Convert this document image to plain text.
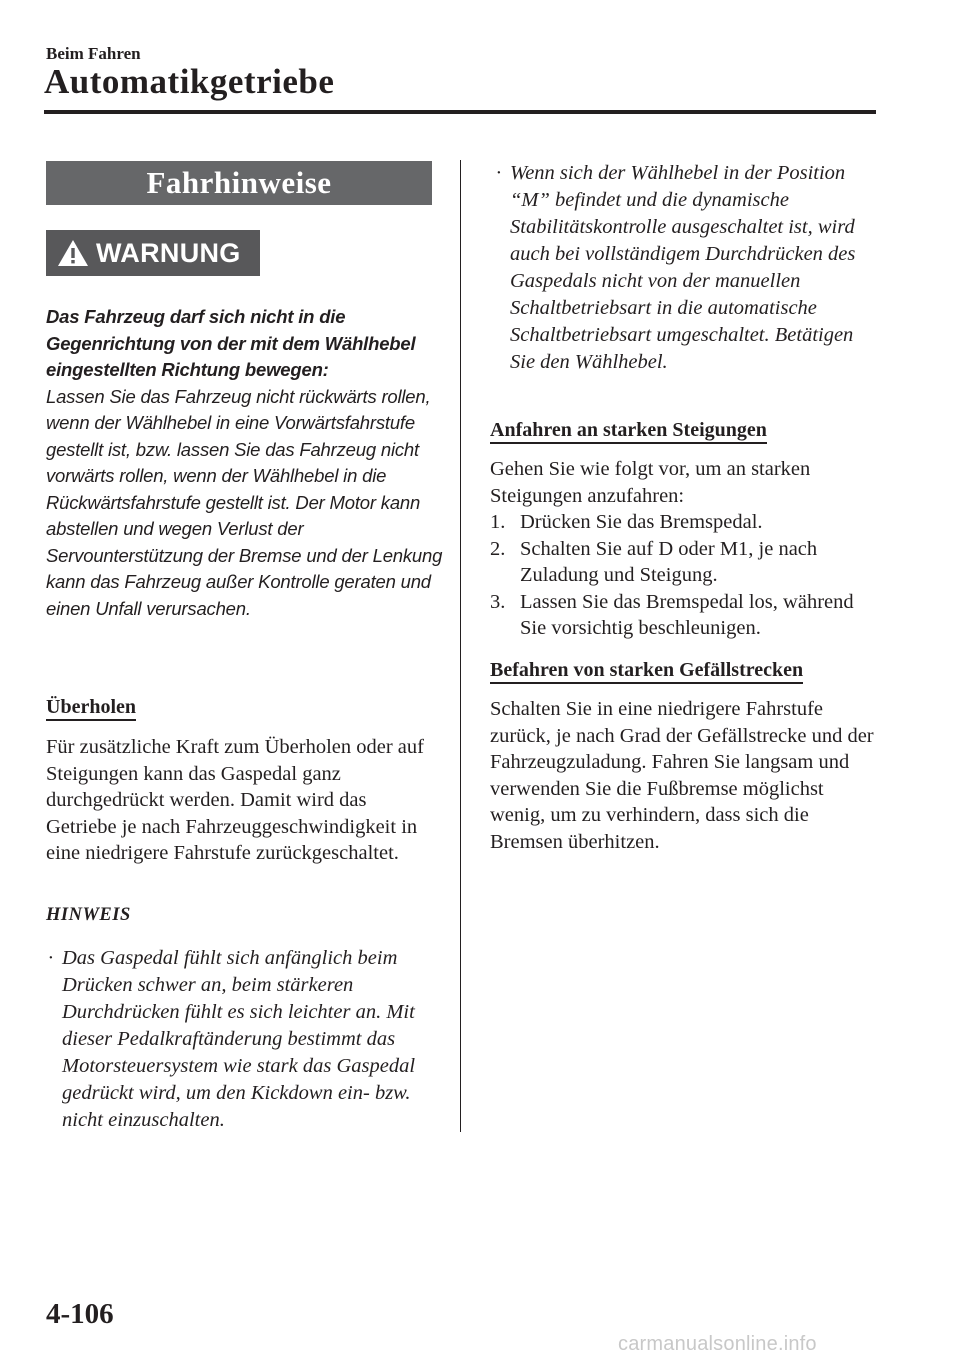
Beim Fahren
Automatikgetriebe
Fahrhinweise
WARNUNG
Das Fahrzeug darf sich nicht in die Gegenrichtung von der mit dem Wählhebel eingestellten Richtung bewegen:
Lassen Sie das Fahrzeug nicht rückwärts rollen, wenn der Wählhebel in eine Vorwärtsfahrstufe gestellt ist, bzw. lassen Sie das Fahrzeug nicht vorwärts rollen, wenn der Wählhebel in die Rückwärtsfahrstufe gestellt ist. Der Motor kann abstellen und wegen Verlust der Servounterstützung der Bremse und der Lenkung kann das Fahrzeug außer Kontrolle geraten und einen Unfall verursachen.
Überholen
Für zusätzliche Kraft zum Überholen oder auf Steigungen kann das Gaspedal ganz durchgedrückt werden. Damit wird das Getriebe je nach Fahrzeuggeschwindigkeit in eine niedrigere Fahrstufe zurückgeschaltet.
HINWEIS
· Das Gaspedal fühlt sich anfänglich beim Drücken schwer an, beim stärkeren Durchdrücken fühlt es sich leichter an. Mit dieser Pedalkraftänderung bestimmt das Motorsteuersystem wie stark das Gaspedal gedrückt wird, um den Kickdown ein- bzw. nicht einzuschalten.
· Wenn sich der Wählhebel in der Position “M” befindet und die dynamische Stabilitätskontrolle ausgeschaltet ist, wird auch bei vollständigem Durchdrücken des Gaspedals nicht von der manuellen Schaltbetriebsart in die automatische Schaltbetriebsart umgeschaltet. Betätigen Sie den Wählhebel.
Anfahren an starken Steigungen
Gehen Sie wie folgt vor, um an starken Steigungen anzufahren:
1. Drücken Sie das Bremspedal.
2. Schalten Sie auf D oder M1, je nach Zuladung und Steigung.
3. Lassen Sie das Bremspedal los, während Sie vorsichtig beschleunigen.
Befahren von starken Gefällstrecken
Schalten Sie in eine niedrigere Fahrstufe zurück, je nach Grad der Gefällstrecke und der Fahrzeugzuladung. Fahren Sie langsam und verwenden Sie die Fußbremse möglichst wenig, um zu verhindern, dass sich die Bremsen überhitzen.
4-106
carmanualsonline.info
